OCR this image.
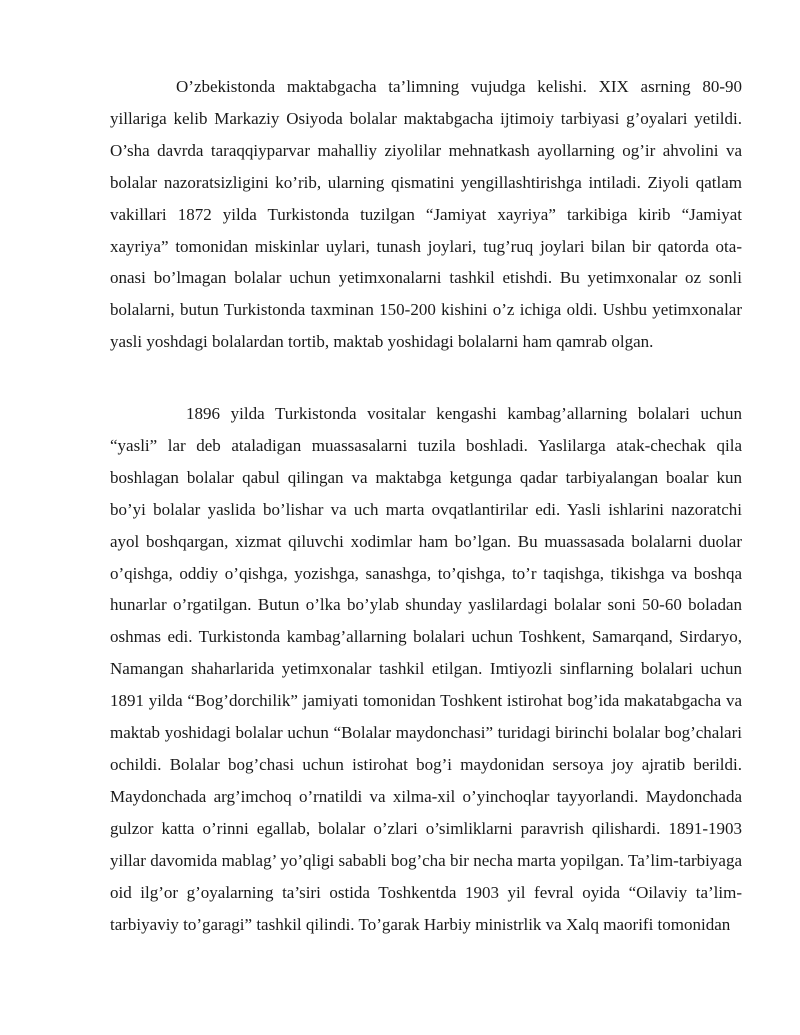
O’zbekistonda maktabgacha ta’limning vujudga kelishi. XIX asrning 80-90 yillariga kelib Markaziy Osiyoda bolalar maktabgacha ijtimoiy tarbiyasi g’oyalari yetildi. O’sha davrda taraqqiyparvar mahalliy ziyolilar mehnatkash ayollarning og’ir ahvolini va bolalar nazoratsizligini ko’rib, ularning qismatini yengillashtirishga intiladi. Ziyoli qatlam vakillari 1872 yilda Turkistonda tuzilgan “Jamiyat xayriya” tarkibiga kirib “Jamiyat xayriya” tomonidan miskinlar uylari, tunash joylari, tug’ruq joylari bilan bir qatorda ota-onasi bo’lmagan bolalar uchun yetimxonalarni tashkil etishdi. Bu yetimxonalar oz sonli bolalarni, butun Turkistonda taxminan 150-200 kishini o’z ichiga oldi. Ushbu yetimxonalar yasli yoshdagi bolalardan tortib, maktab yoshidagi bolalarni ham qamrab olgan.

1896 yilda Turkistonda vositalar kengashi kambag’allarning bolalari uchun “yasli” lar deb ataladigan muassasalarni tuzila boshladi. Yaslilarga atak-chechak qila boshlagan bolalar qabul qilingan va maktabga ketgunga qadar tarbiyalangan boalar kun bo’yi bolalar yaslida bo’lishar va uch marta ovqatlantirilar edi. Yasli ishlarini nazoratchi ayol boshqargan, xizmat qiluvchi xodimlar ham bo’lgan. Bu muassasada bolalarni duolar o’qishga, oddiy o’qishga, yozishga, sanashga, to’qishga, to’r taqishga, tikishga va boshqa hunarlar o’rgatilgan. Butun o’lka bo’ylab shunday yaslilardagi bolalar soni 50-60 boladan oshmas edi. Turkistonda kambag’allarning bolalari uchun Toshkent, Samarqand, Sirdaryo, Namangan shaharlarida yetimxonalar tashkil etilgan. Imtiyozli sinflarning bolalari uchun 1891 yilda “Bog’dorchilik” jamiyati tomonidan Toshkent istirohat bog’ida makatabgacha va maktab yoshidagi bolalar uchun “Bolalar maydonchasi” turidagi birinchi bolalar bog’chalari ochildi. Bolalar bog’chasi uchun istirohat bog’i maydonidan sersoya joy ajratib berildi. Maydonchada arg’imchoq o’rnatildi va xilma-xil o’yinchoqlar tayyorlandi. Maydonchada gulzor katta o’rinni egallab, bolalar o’zlari o’simliklarni paravrish qilishardi. 1891-1903 yillar davomida mablag’ yo’qligi sababli bog’cha bir necha marta yopilgan. Ta’lim-tarbiyaga oid ilg’or g’oyalarning ta’siri ostida Toshkentda 1903 yil fevral oyida “Oilaviy ta’lim-tarbiyaviy to’garagi” tashkil qilindi. To’garak Harbiy ministrlik va Xalq maorifi tomonidan
